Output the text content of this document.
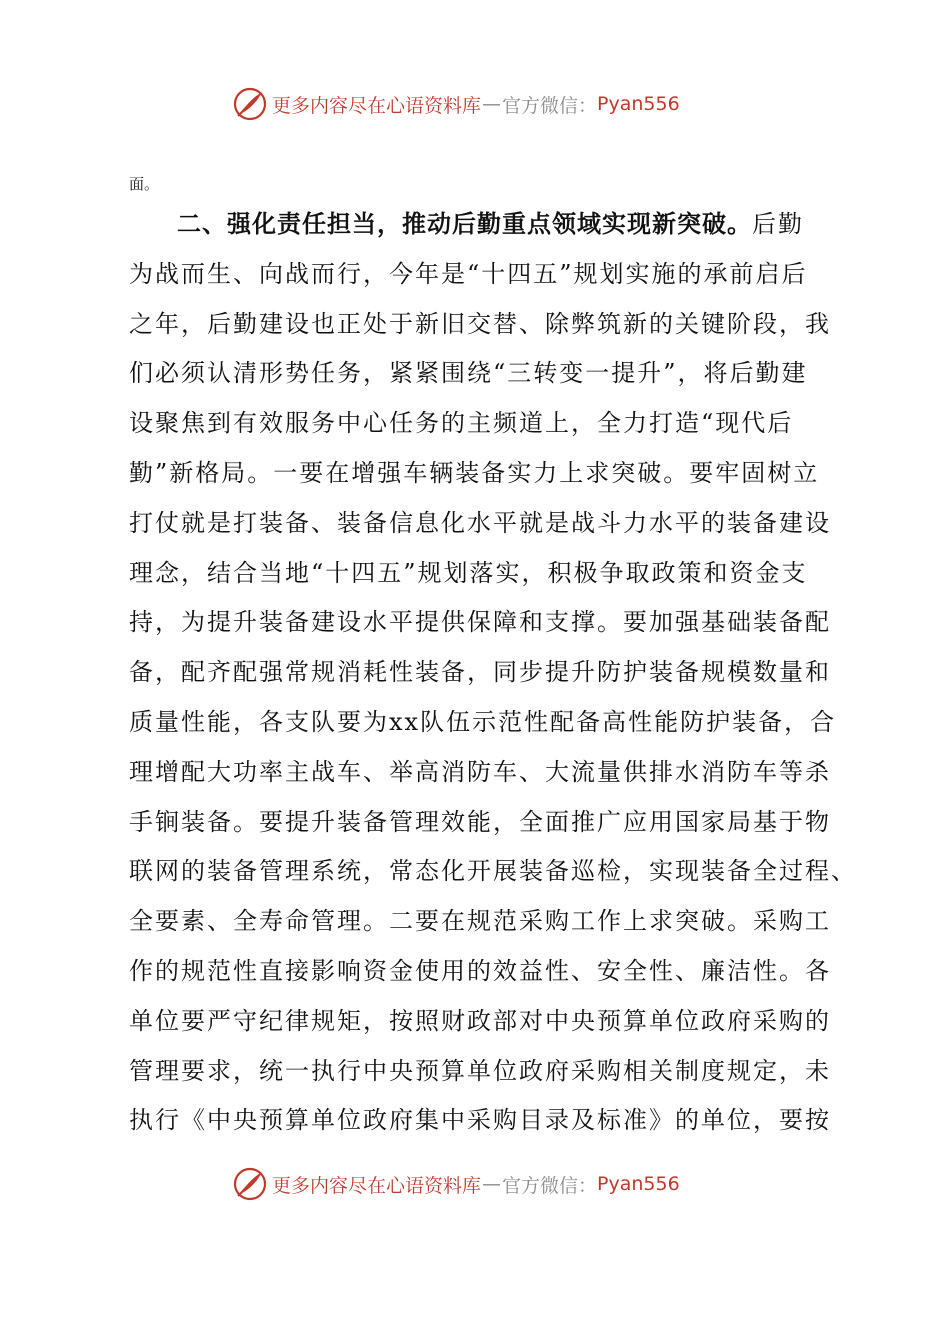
更多内容尽在心语资料库 — 官方微信： Pyan556
面。
二、强化责任担当，推动后勤重点领域实现新突破。后勤
为战而生、向战而行，今年是“十四五”规划实施的承前启后
之年，后勤建设也正处于新旧交替、除弊筑新的关键阶段，我
们必须认清形势任务，紧紧围绕“三转变一提升”，将后勤建
设聚焦到有效服务中心任务的主频道上，全力打造“现代后
勤”新格局。一要在增强车辆装备实力上求突破。要牢固树立
打仗就是打装备、装备信息化水平就是战斗力水平的装备建设
理念，结合当地“十四五”规划落实，积极争取政策和资金支
持，为提升装备建设水平提供保障和支撑。要加强基础装备配
备，配齐配强常规消耗性装备，同步提升防护装备规模数量和
质量性能，各支队要为xx队伍示范性配备高性能防护装备，合
理增配大功率主战车、举高消防车、大流量供排水消防车等杀
手锏装备。要提升装备管理效能，全面推广应用国家局基于物
联网的装备管理系统，常态化开展装备巡检，实现装备全过程、
全要素、全寿命管理。二要在规范采购工作上求突破。采购工
作的规范性直接影响资金使用的效益性、安全性、廉洁性。各
单位要严守纪律规矩，按照财政部对中央预算单位政府采购的
管理要求，统一执行中央预算单位政府采购相关制度规定，未
执行《中央预算单位政府集中采购目录及标准》的单位，要按
更多内容尽在心语资料库 — 官方微信： Pyan556
